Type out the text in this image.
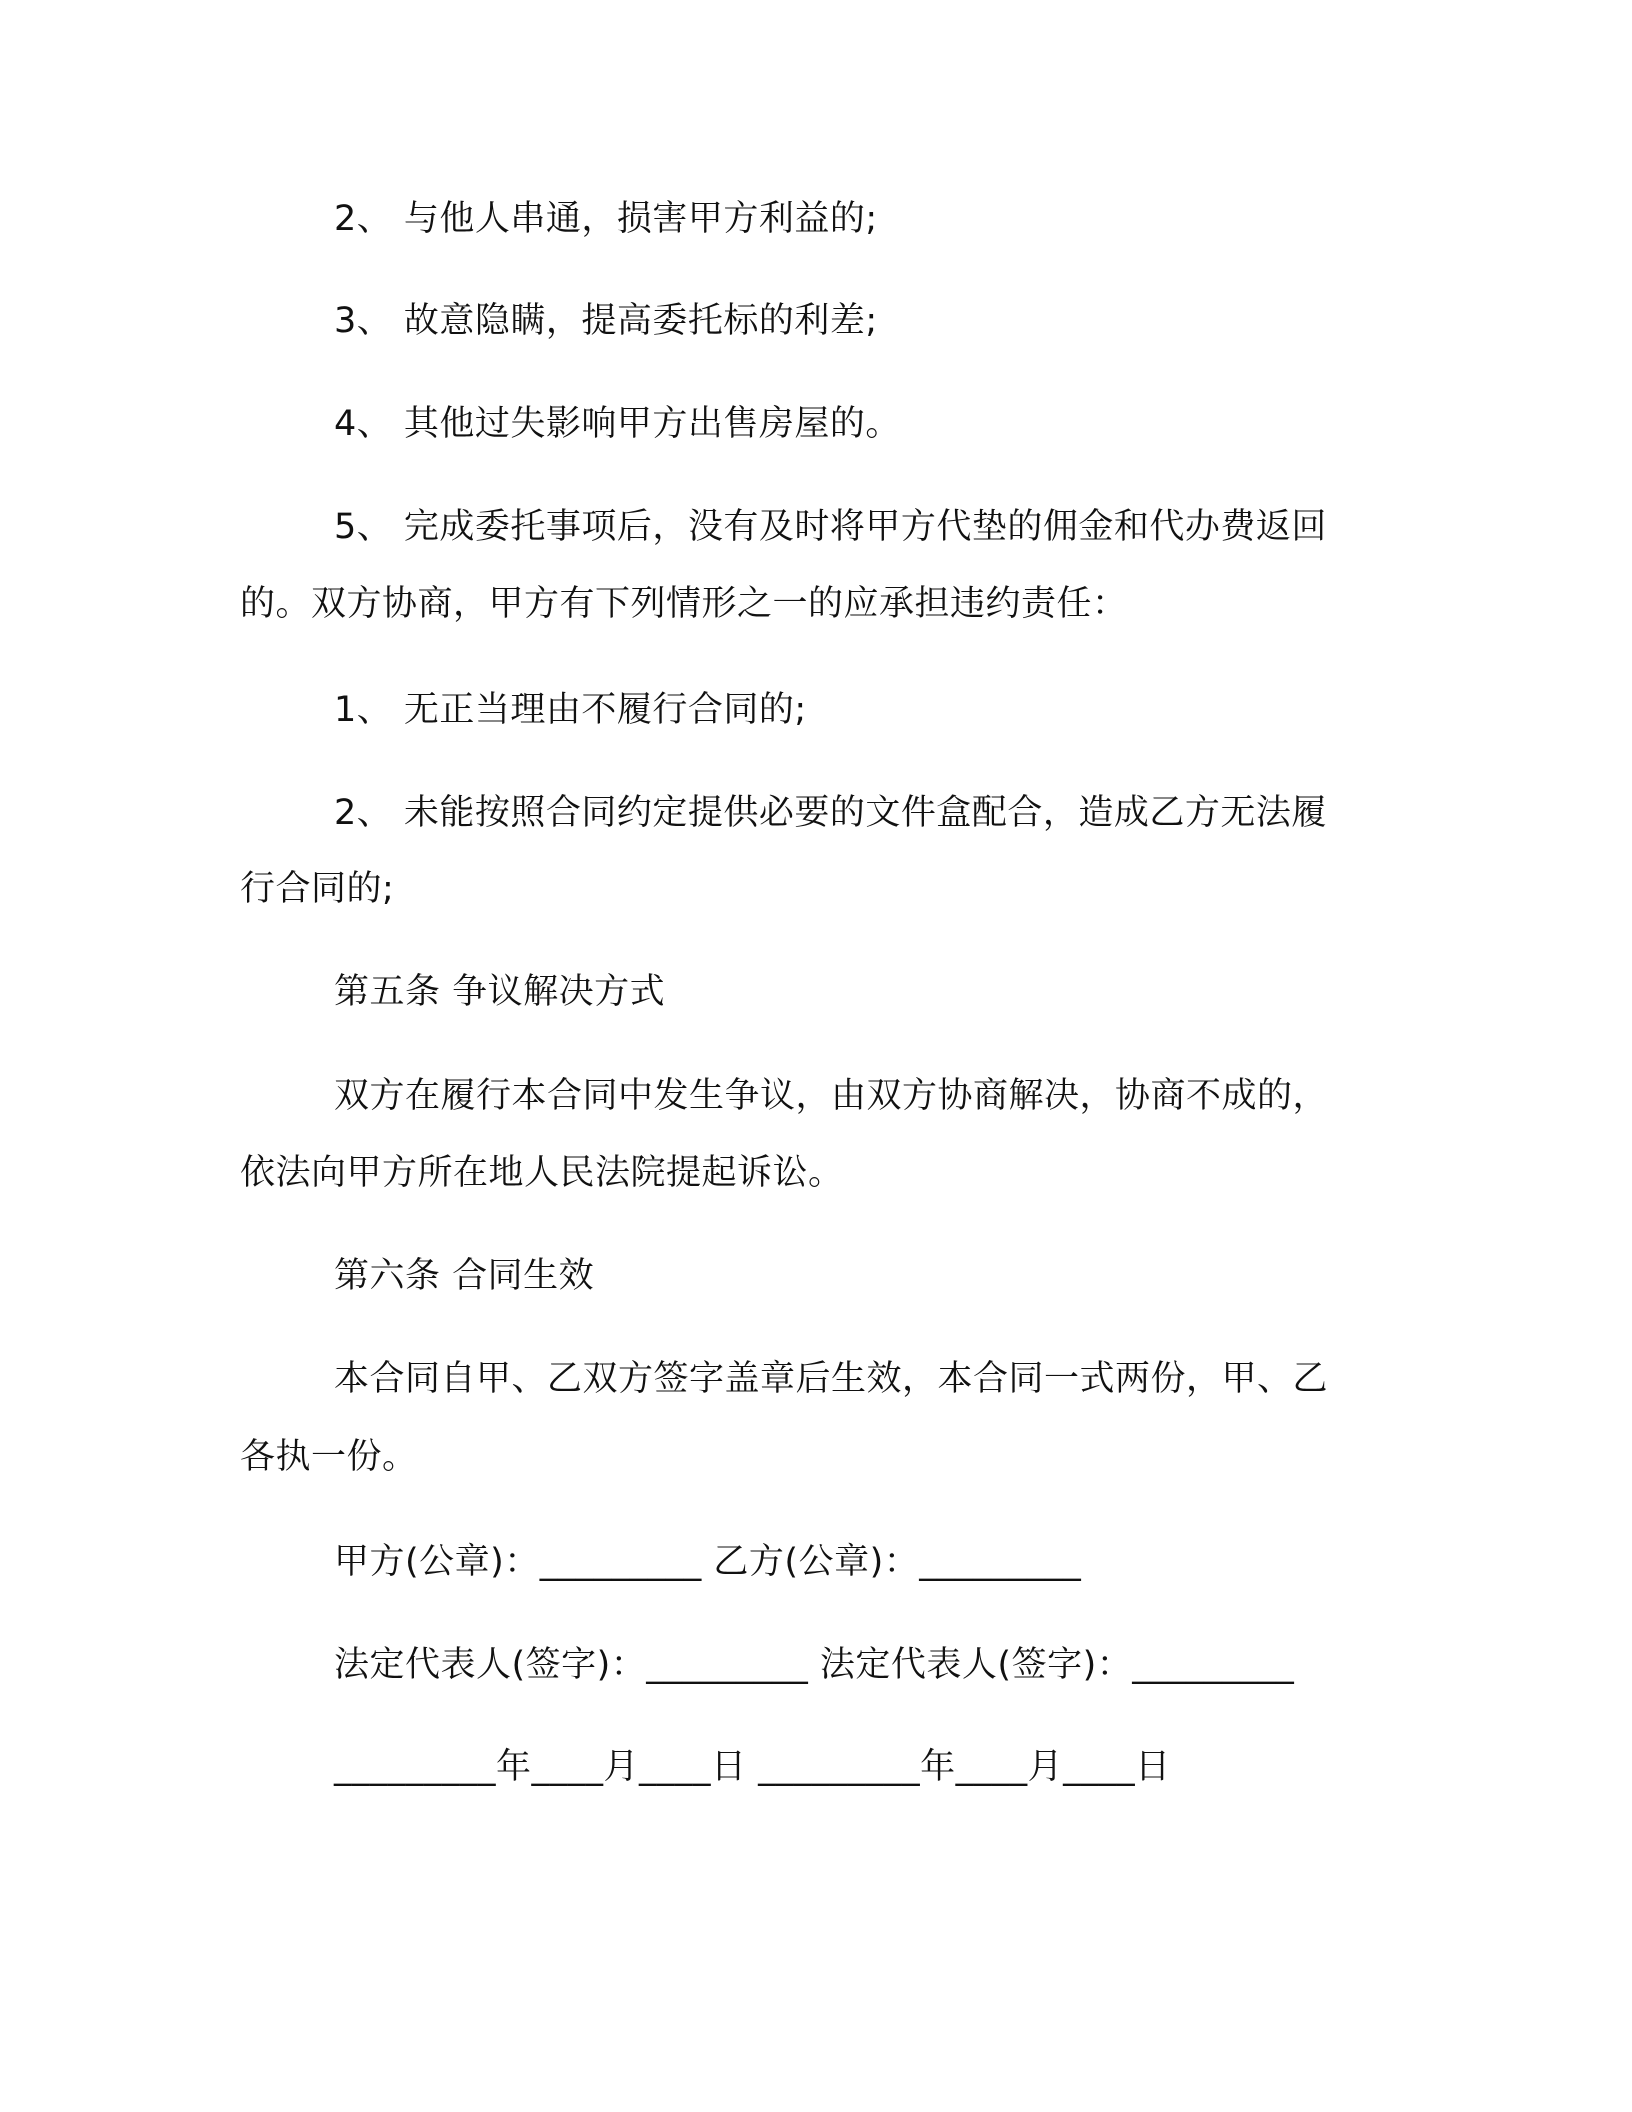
2、 与他人串通，损害甲方利益的;
3、 故意隐瞒，提高委托标的利差;
4、 其他过失影响甲方出售房屋的。
5、 完成委托事项后，没有及时将甲方代垫的佣金和代办费返回
的。双方协商，甲方有下列情形之一的应承担违约责任：
1、 无正当理由不履行合同的;
2、 未能按照合同约定提供必要的文件盒配合，造成乙方无法履
行合同的;
第五条 争议解决方式
双方在履行本合同中发生争议，由双方协商解决，协商不成的，
依法向甲方所在地人民法院提起诉讼。
第六条 合同生效
本合同自甲、乙双方签字盖章后生效，本合同一式两份，甲、乙
各执一份。
甲方(公章)：_________ 乙方(公章)：_________
法定代表人(签字)：_________ 法定代表人(签字)：_________
_________年____月____日 _________年____月____日
